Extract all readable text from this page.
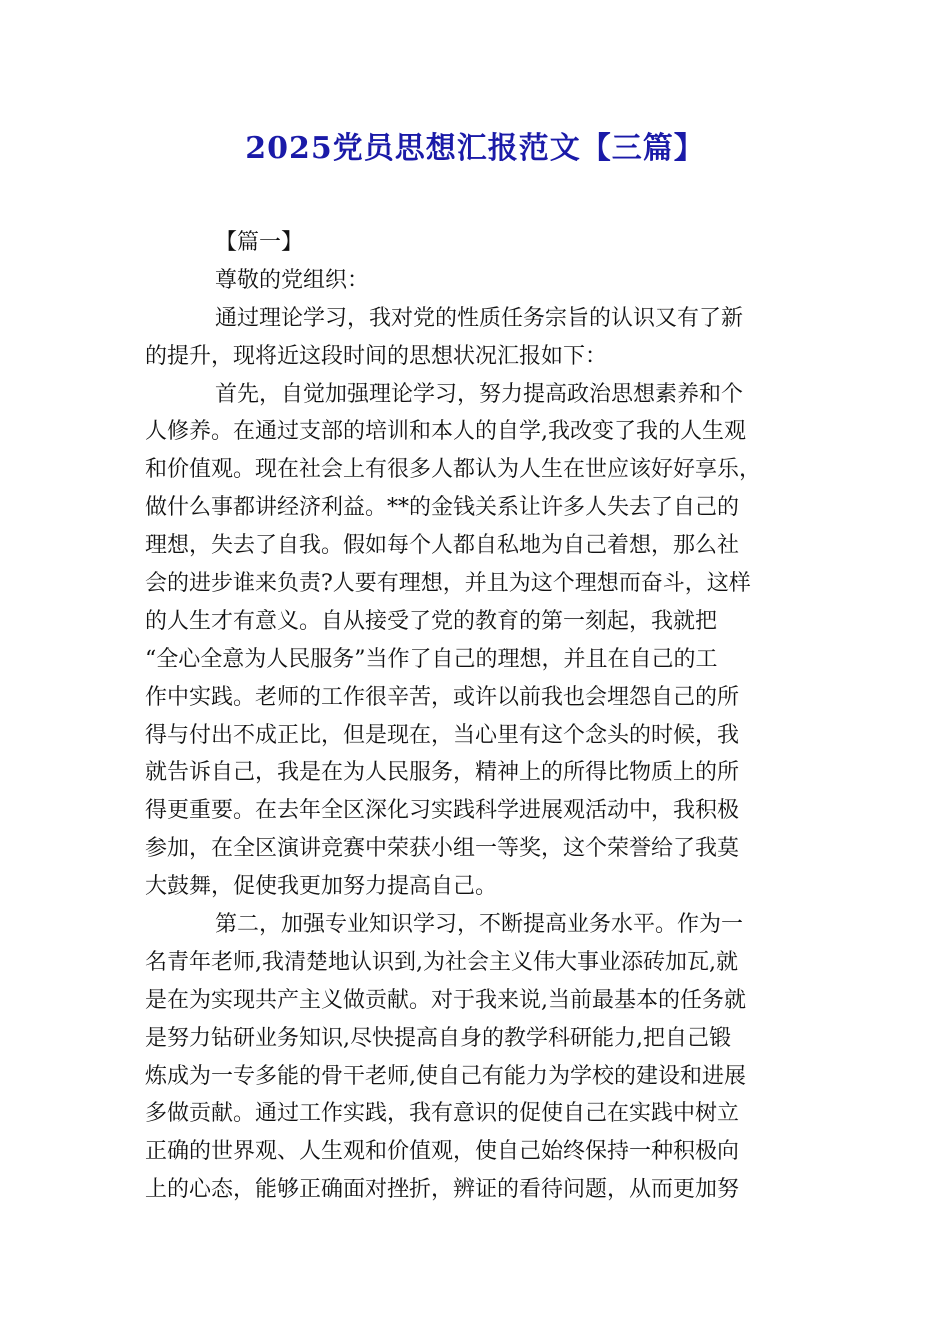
2025党员思想汇报范文【三篇】
【篇一】
尊敬的党组织：
通过理论学习，我对党的性质任务宗旨的认识又有了新
的提升，现将近这段时间的思想状况汇报如下：
首先，自觉加强理论学习，努力提高政治思想素养和个
人修养。在通过支部的培训和本人的自学,我改变了我的人生观
和价值观。现在社会上有很多人都认为人生在世应该好好享乐，
做什么事都讲经济利益。**的金钱关系让许多人失去了自己的
理想，失去了自我。假如每个人都自私地为自己着想，那么社
会的进步谁来负责?人要有理想，并且为这个理想而奋斗，这样
的人生才有意义。自从接受了党的教育的第一刻起，我就把
“全心全意为人民服务”当作了自己的理想，并且在自己的工
作中实践。老师的工作很辛苦，或许以前我也会埋怨自己的所
得与付出不成正比，但是现在，当心里有这个念头的时候，我
就告诉自己，我是在为人民服务，精神上的所得比物质上的所
得更重要。在去年全区深化习实践科学进展观活动中，我积极
参加，在全区演讲竞赛中荣获小组一等奖，这个荣誉给了我莫
大鼓舞，促使我更加努力提高自己。
第二，加强专业知识学习，不断提高业务水平。作为一
名青年老师,我清楚地认识到,为社会主义伟大事业添砖加瓦,就
是在为实现共产主义做贡献。对于我来说,当前最基本的任务就
是努力钻研业务知识,尽快提高自身的教学科研能力,把自己锻
炼成为一专多能的骨干老师,使自己有能力为学校的建设和进展
多做贡献。通过工作实践，我有意识的促使自己在实践中树立
正确的世界观、人生观和价值观，使自己始终保持一种积极向
上的心态，能够正确面对挫折，辨证的看待问题，从而更加努
